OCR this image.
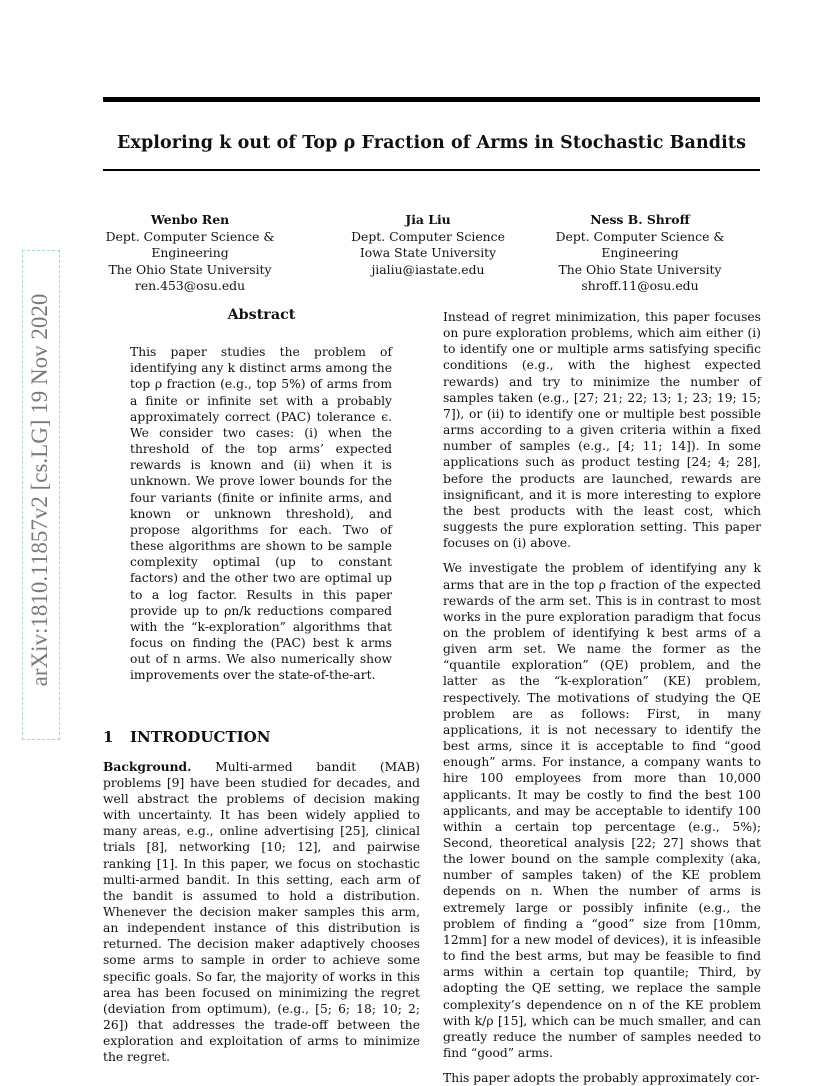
Exploring k out of Top ρ Fraction of Arms in Stochastic Bandits
Wenbo Ren
Dept. Computer Science & Engineering
The Ohio State University
ren.453@osu.edu
Jia Liu
Dept. Computer Science
Iowa State University
jialiu@iastate.edu
Ness B. Shroff
Dept. Computer Science & Engineering
The Ohio State University
shroff.11@osu.edu
arXiv:1810.11857v2 [cs.LG] 19 Nov 2020	Abstract

This paper studies the problem of identifying any k distinct arms among the top ρ fraction (e.g., top 5%) of arms from a finite or infinite set with a probably approximately correct (PAC) tolerance ϵ. We consider two cases: (i) when the threshold of the top arms’ expected rewards is known and (ii) when it is unknown. We prove lower bounds for the four variants (finite or infinite arms, and known or unknown threshold), and propose algorithms for each. Two of these algorithms are shown to be sample complexity optimal (up to constant factors) and the other two are optimal up to a log factor. Results in this paper provide up to ρn/k reductions compared with the “k-exploration” algorithms that focus on finding the (PAC) best k arms out of n arms. We also numerically show improvements over the state-of-the-art.

1 INTRODUCTION

Background. Multi-armed bandit (MAB) problems [9] have been studied for decades, and well abstract the problems of decision making with uncertainty. It has been widely applied to many areas, e.g., online advertising [25], clinical trials [8], networking [10; 12], and pairwise ranking [1]. In this paper, we focus on stochastic multi-armed bandit. In this setting, each arm of the bandit is assumed to hold a distribution. Whenever the decision maker samples this arm, an independent instance of this distribution is returned. The decision maker adaptively chooses some arms to sample in order to achieve some specific goals. So far, the majority of works in this area has been focused on minimizing the regret (deviation from optimum), (e.g., [5; 6; 18; 10; 2; 26]) that addresses the trade-off between the exploration and exploitation of arms to minimize the regret.

Instead of regret minimization, this paper focuses on pure exploration problems, which aim either (i) to identify one or multiple arms satisfying specific conditions (e.g., with the highest expected rewards) and try to minimize the number of samples taken (e.g., [27; 21; 22; 13; 1; 23; 19; 15; 7]), or (ii) to identify one or multiple best possible arms according to a given criteria within a fixed number of samples (e.g., [4; 11; 14]). In some applications such as product testing [24; 4; 28], before the products are launched, rewards are insignificant, and it is more interesting to explore the best products with the least cost, which suggests the pure exploration setting. This paper focuses on (i) above.

We investigate the problem of identifying any k arms that are in the top ρ fraction of the expected rewards of the arm set. This is in contrast to most works in the pure exploration paradigm that focus on the problem of identifying k best arms of a given arm set. We name the former as the “quantile exploration” (QE) problem, and the latter as the “k-exploration” (KE) problem, respectively. The motivations of studying the QE problem are as follows: First, in many applications, it is not necessary to identify the best arms, since it is acceptable to find “good enough” arms. For instance, a company wants to hire 100 employees from more than 10,000 applicants. It may be costly to find the best 100 applicants, and may be acceptable to identify 100 within a certain top percentage (e.g., 5%); Second, theoretical analysis [22; 27] shows that the lower bound on the sample complexity (aka, number of samples taken) of the KE problem depends on n. When the number of arms is extremely large or possibly infinite (e.g., the problem of finding a “good” size from [10mm, 12mm] for a new model of devices), it is infeasible to find the best arms, but may be feasible to find arms within a certain top quantile; Third, by adopting the QE setting, we replace the sample complexity’s dependence on n of the KE problem with k/ρ [15], which can be much smaller, and can greatly reduce the number of samples needed to find “good” arms.

This paper adopts the probably approximately cor-
